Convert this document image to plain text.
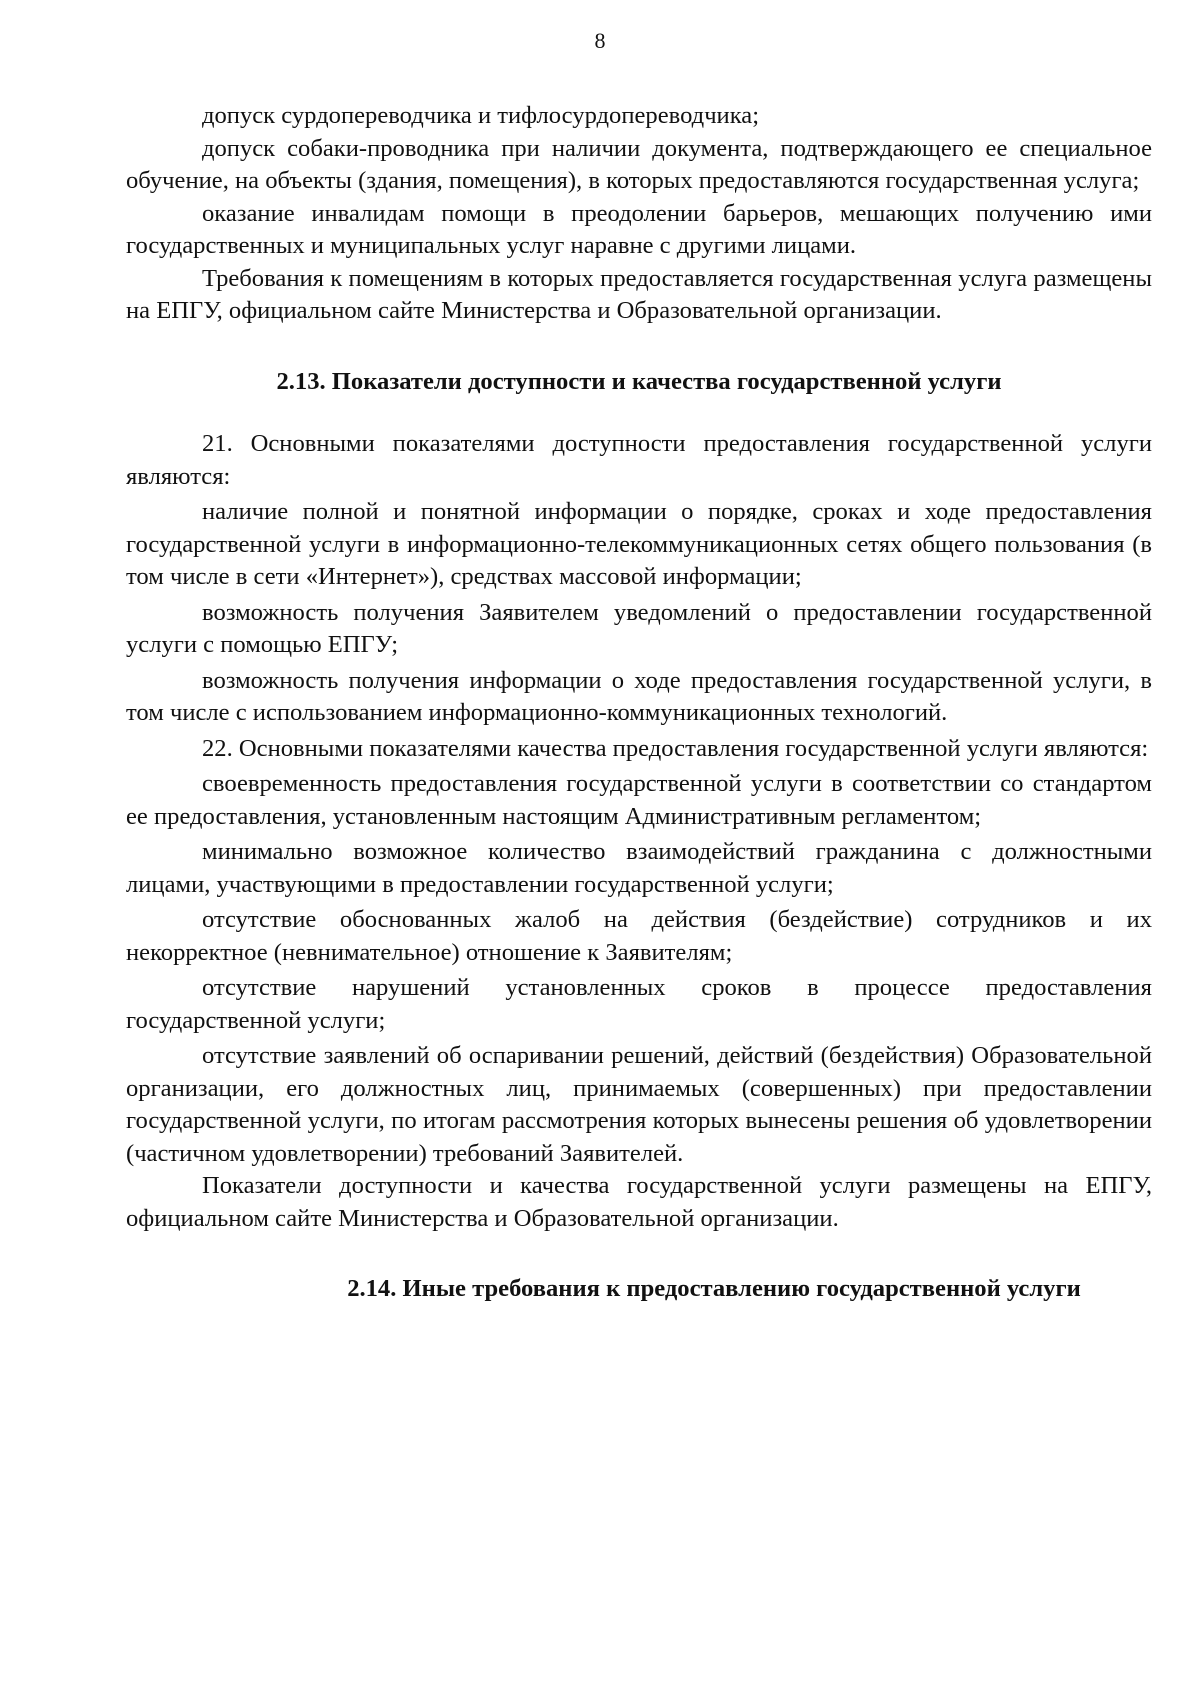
8

допуск сурдопереводчика и тифлосурдопереводчика;

допуск собаки-проводника при наличии документа, подтверждающего ее специальное обучение, на объекты (здания, помещения), в которых предоставляются государственная услуга;

оказание инвалидам помощи в преодолении барьеров, мешающих получению ими государственных и муниципальных услуг наравне с другими лицами.

Требования к помещениям в которых предоставляется государственная услуга размещены на ЕПГУ, официальном сайте Министерства и Образовательной организации.

2.13. Показатели доступности и качества государственной услуги

21. Основными показателями доступности предоставления государственной услуги являются:

наличие полной и понятной информации о порядке, сроках и ходе предоставления государственной услуги в информационно-телекоммуникационных сетях общего пользования (в том числе в сети «Интернет»), средствах массовой информации;

возможность получения Заявителем уведомлений о предоставлении государственной услуги с помощью ЕПГУ;

возможность получения информации о ходе предоставления государственной услуги, в том числе с использованием информационно-коммуникационных технологий.

22. Основными показателями качества предоставления государственной услуги являются:

своевременность предоставления государственной услуги в соответствии со стандартом ее предоставления, установленным настоящим Административным регламентом;

минимально возможное количество взаимодействий гражданина с должностными лицами, участвующими в предоставлении государственной услуги;

отсутствие обоснованных жалоб на действия (бездействие) сотрудников и их некорректное (невнимательное) отношение к Заявителям;

отсутствие нарушений установленных сроков в процессе предоставления государственной услуги;

отсутствие заявлений об оспаривании решений, действий (бездействия) Образовательной организации, его должностных лиц, принимаемых (совершенных) при предоставлении государственной услуги, по итогам рассмотрения которых вынесены решения об удовлетворении (частичном удовлетворении) требований Заявителей.

Показатели доступности и качества государственной услуги размещены на ЕПГУ, официальном сайте Министерства и Образовательной организации.

2.14. Иные требования к предоставлению государственной услуги
